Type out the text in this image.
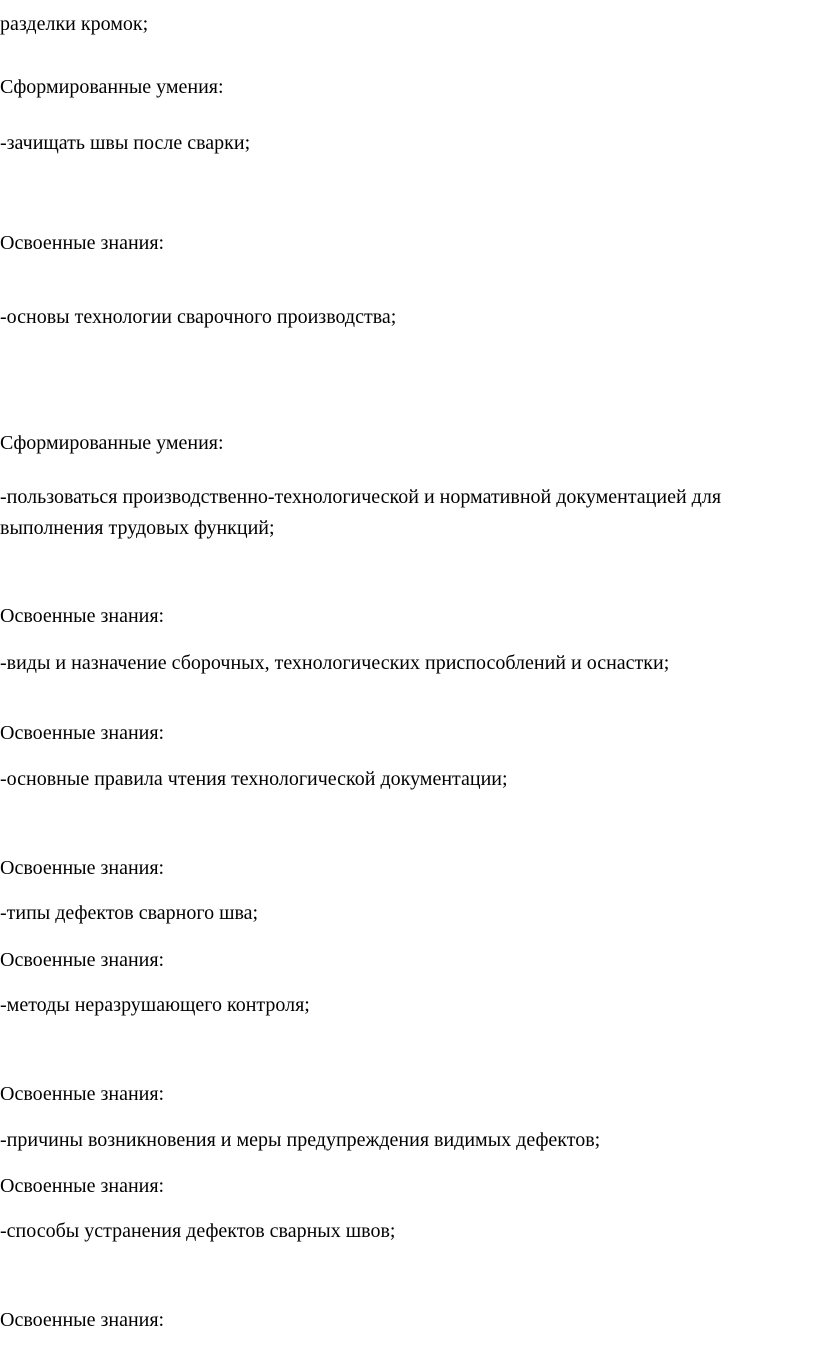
разделки кромок;

Сформированные умения:

-зачищать швы после сварки;

Освоенные знания:

-основы технологии сварочного производства;

Сформированные умения:

-пользоваться производственно-технологической и нормативной документацией для

выполнения трудовых функций;

Освоенные знания:

-виды и назначение сборочных, технологических приспособлений и оснастки;

Освоенные знания:

-основные правила чтения технологической документации;

Освоенные знания:

-типы дефектов сварного шва;

Освоенные знания:

-методы неразрушающего контроля;

Освоенные знания:

-причины возникновения и меры предупреждения видимых дефектов;

Освоенные знания:

-способы устранения дефектов сварных швов;

Освоенные знания:
